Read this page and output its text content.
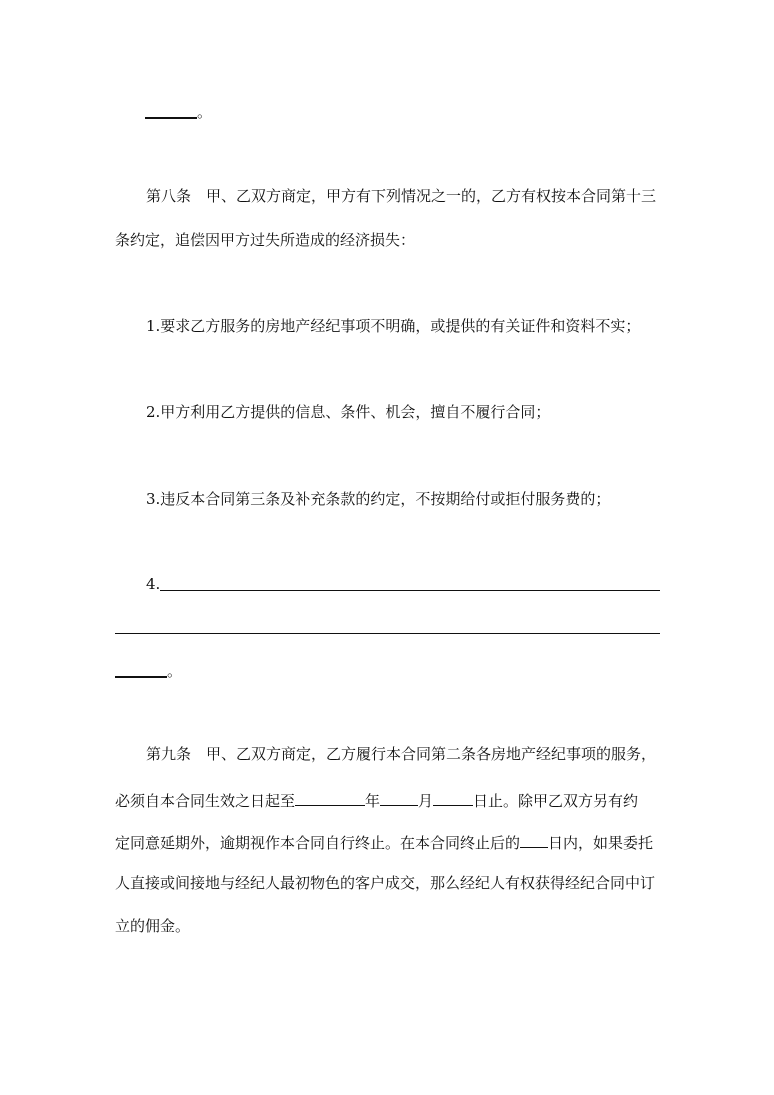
。
第八条　甲、乙双方商定，甲方有下列情况之一的，乙方有权按本合同第十三
条约定，追偿因甲方过失所造成的经济损失：
1.要求乙方服务的房地产经纪事项不明确，或提供的有关证件和资料不实；
2.甲方利用乙方提供的信息、条件、机会，擅自不履行合同；
3.违反本合同第三条及补充条款的约定，不按期给付或拒付服务费的；
4.
。
第九条　甲、乙双方商定，乙方履行本合同第二条各房地产经纪事项的服务，
必须自本合同生效之日起至	年	月	日止。除甲乙双方另有约
定同意延期外，逾期视作本合同自行终止。在本合同终止后的 日内，如果委托
人直接或间接地与经纪人最初物色的客户成交，那么经纪人有权获得经纪合同中订
立的佣金。
